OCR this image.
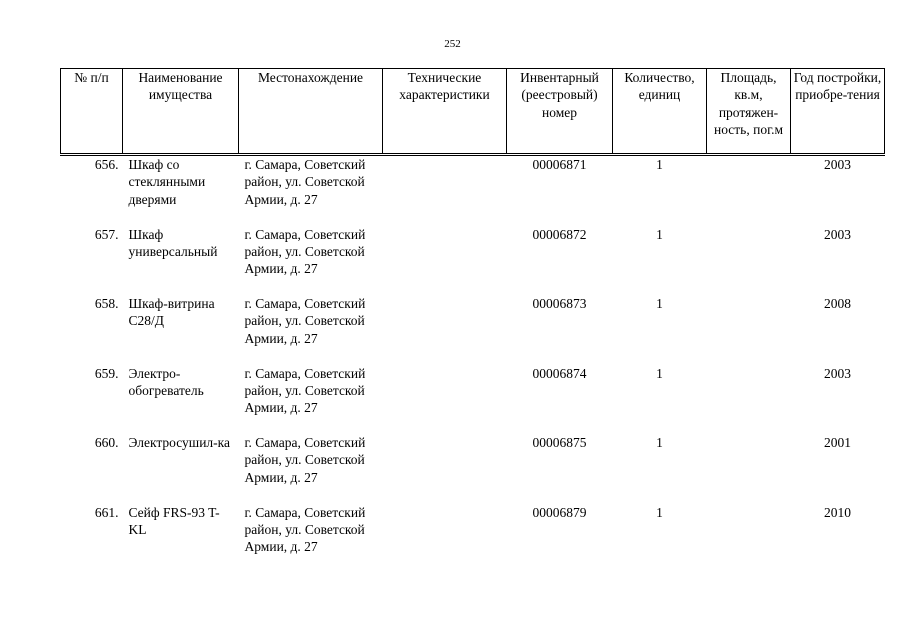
252
№ п/п	Наименование имущества	Местонахождение	Технические характеристики	Инвентарный (реестровый) номер	Количество, единиц	Площадь, кв.м, протяжен-ность, пог.м	Год постройки, приобре-тения
656.	Шкаф со стеклянными дверями	г. Самара, Советский район, ул. Советской Армии, д. 27		00006871	1		2003
657.	Шкаф универсальный	г. Самара, Советский район, ул. Советской Армии, д. 27		00006872	1		2003
658.	Шкаф-витрина С28/Д	г. Самара, Советский район, ул. Советской Армии, д. 27		00006873	1		2008
659.	Электро-обогреватель	г. Самара, Советский район, ул. Советской Армии, д. 27		00006874	1		2003
660.	Электросушил-ка	г. Самара, Советский район, ул. Советской Армии, д. 27		00006875	1		2001
661.	Сейф FRS-93 T-KL	г. Самара, Советский район, ул. Советской Армии, д. 27		00006879	1		2010
